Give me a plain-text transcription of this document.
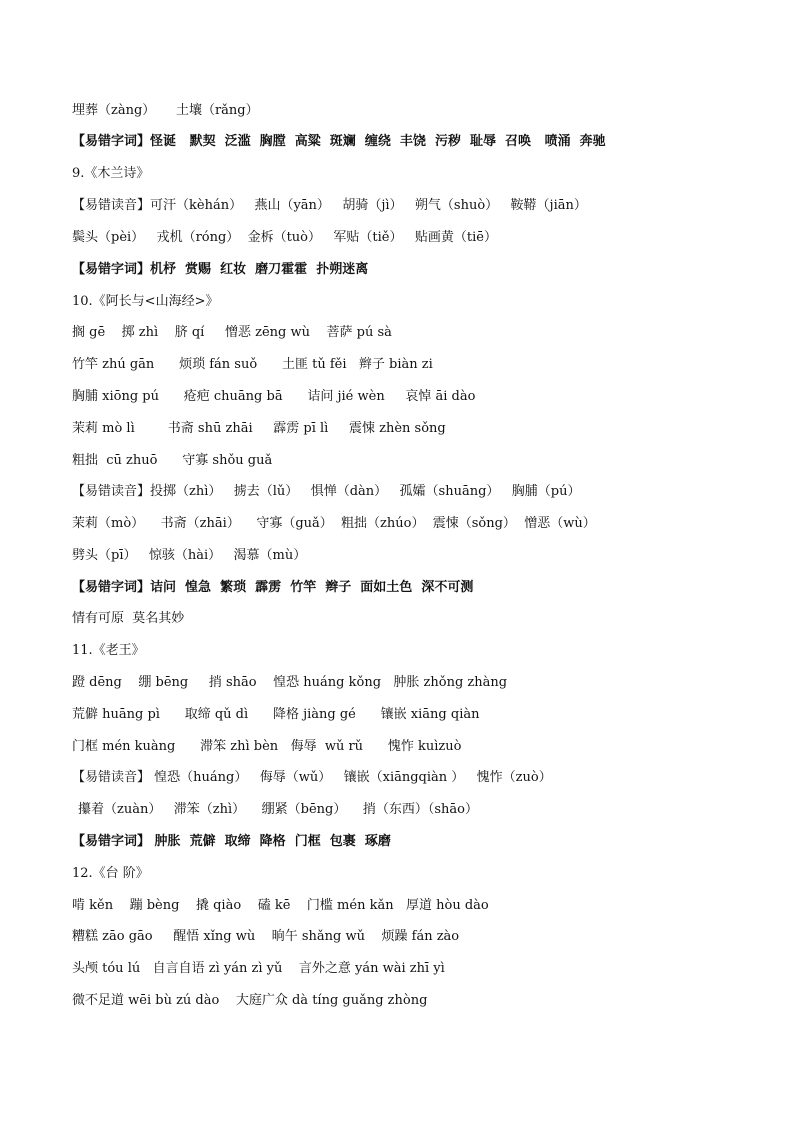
埋葬（zàng）     土壤（rǎng）
【易错字词】怪诞   默契  泛滥  胸膛  高粱  斑斓  缠绕  丰饶  污秽  耻辱  召唤   喷涌  奔驰
9.《木兰诗》
【易错读音】可汗（kèhán）   燕山（yān）   胡骑（jì）   朔气（shuò）   鞍鞯（jiān）
鬓头（pèi）   戎机（róng）  金柝（tuò）   军贴（tiě）   贴画黄（tiē）
【易错字词】机杼  赏赐  红妆  磨刀霍霍  扑朔迷离
10.《阿长与<山海经>》
搁 gē    掷 zhì    脐 qí     憎恶 zēng wù    菩萨 pú sà
竹竿 zhú gān      烦琐 fán suǒ      土匪 tǔ fěi   辫子 biàn zi
胸脯 xiōng pú      疮疤 chuāng bā      诘问 jié wèn     哀悼 āi dào
茉莉 mò lì        书斋 shū zhāi     霹雳 pī lì     震悚 zhèn sǒng
粗拙  cū zhuō      守寡 shǒu guǎ
【易错读音】投掷（zhì）   掳去（lǔ）   惧惮（dàn）   孤孀（shuāng）   胸脯（pú）
茉莉（mò）    书斋（zhāi）    守寡（guǎ）  粗拙（zhúo）  震悚（sǒng）  憎恶（wù）
劈头（pī）   惊骇（hài）   渴慕（mù）
【易错字词】诘问  惶急  繁琐  霹雳  竹竿  辫子  面如土色  深不可测
情有可原  莫名其妙
11.《老王》
蹬 dēng    绷 bēng     捎 shāo    惶恐 huáng kǒng   肿胀 zhǒng zhàng
荒僻 huāng pì      取缔 qǔ dì      降格 jiàng gé      镶嵌 xiāng qiàn
门框 mén kuàng      滞笨 zhì bèn   侮辱  wǔ rǔ      愧怍 kuìzuò
【易错读音】 惶恐（huáng）   侮辱（wǔ）   镶嵌（xiāngqiàn ）   愧怍（zuò）
攥着（zuàn）   滞笨（zhì）    绷紧（bēng）    捎（东西）（shāo）
【易错字词】 肿胀  荒僻  取缔  降格  门框  包裹  琢磨
12.《台 阶》
啃 kěn    蹦 bèng    撬 qiào    磕 kē    门槛 mén kǎn   厚道 hòu dào
糟糕 zāo gāo     醒悟 xǐng wù    晌午 shǎng wǔ    烦躁 fán zào
头颅 tóu lú   自言自语 zì yán zì yǔ    言外之意 yán wài zhī yì
微不足道 wēi bù zú dào    大庭广众 dà tíng guǎng zhòng
